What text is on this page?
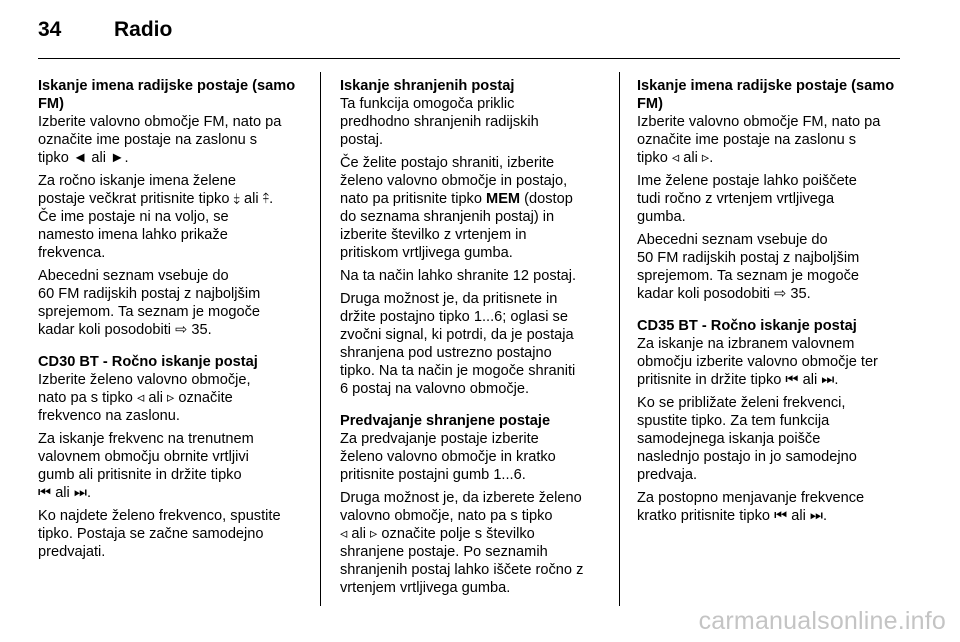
34	Radio
Iskanje imena radijske postaje (samo FM)

Izberite valovno območje FM, nato pa označite ime postaje na zaslonu s
tipko ◄ ali ►.

Za ročno iskanje imena želene
postaje večkrat pritisnite tipko ⤈ ali ⤉.
Če ime postaje ni na voljo, se
namesto imena lahko prikaže
frekvenca.

Abecedni seznam vsebuje do
60 FM radijskih postaj z najboljšim
sprejemom. Ta seznam je mogoče
kadar koli posodobiti ⇨ 35.

CD30 BT - Ročno iskanje postaj

Izberite želeno valovno območje,
nato pa s tipko ◃ ali ▹ označite
frekvenco na zaslonu.

Za iskanje frekvenc na trenutnem
valovnem območju obrnite vrtljivi
gumb ali pritisnite in držite tipko
⏮ ali ⏭.

Ko najdete želeno frekvenco, spustite
tipko. Postaja se začne samodejno
predvajati.

Iskanje shranjenih postaj

Ta funkcija omogoča priklic
predhodno shranjenih radijskih
postaj.

Če želite postajo shraniti, izberite
želeno valovno območje in postajo,
nato pa pritisnite tipko MEM (dostop
do seznama shranjenih postaj) in
izberite številko z vrtenjem in
pritiskom vrtljivega gumba.

Na ta način lahko shranite 12 postaj.

Druga možnost je, da pritisnete in
držite postajno tipko 1...6; oglasi se
zvočni signal, ki potrdi, da je postaja
shranjena pod ustrezno postajno
tipko. Na ta način je mogoče shraniti
6 postaj na valovno območje.

Predvajanje shranjene postaje

Za predvajanje postaje izberite
želeno valovno območje in kratko
pritisnite postajni gumb 1...6.

Druga možnost je, da izberete želeno
valovno območje, nato pa s tipko
◃ ali ▹ označite polje s številko
shranjene postaje. Po seznamih
shranjenih postaj lahko iščete ročno z
vrtenjem vrtljivega gumba.

Iskanje imena radijske postaje (samo FM)

Izberite valovno območje FM, nato pa
označite ime postaje na zaslonu s
tipko ◃ ali ▹.

Ime želene postaje lahko poiščete
tudi ročno z vrtenjem vrtljivega
gumba.

Abecedni seznam vsebuje do
50 FM radijskih postaj z najboljšim
sprejemom. Ta seznam je mogoče
kadar koli posodobiti ⇨ 35.

CD35 BT - Ročno iskanje postaj

Za iskanje na izbranem valovnem
območju izberite valovno območje ter
pritisnite in držite tipko ⏮ ali ⏭.

Ko se približate želeni frekvenci,
spustite tipko. Za tem funkcija
samodejnega iskanja poišče
naslednjo postajo in jo samodejno
predvaja.

Za postopno menjavanje frekvence
kratko pritisnite tipko ⏮ ali ⏭.

carmanualsonline.info
